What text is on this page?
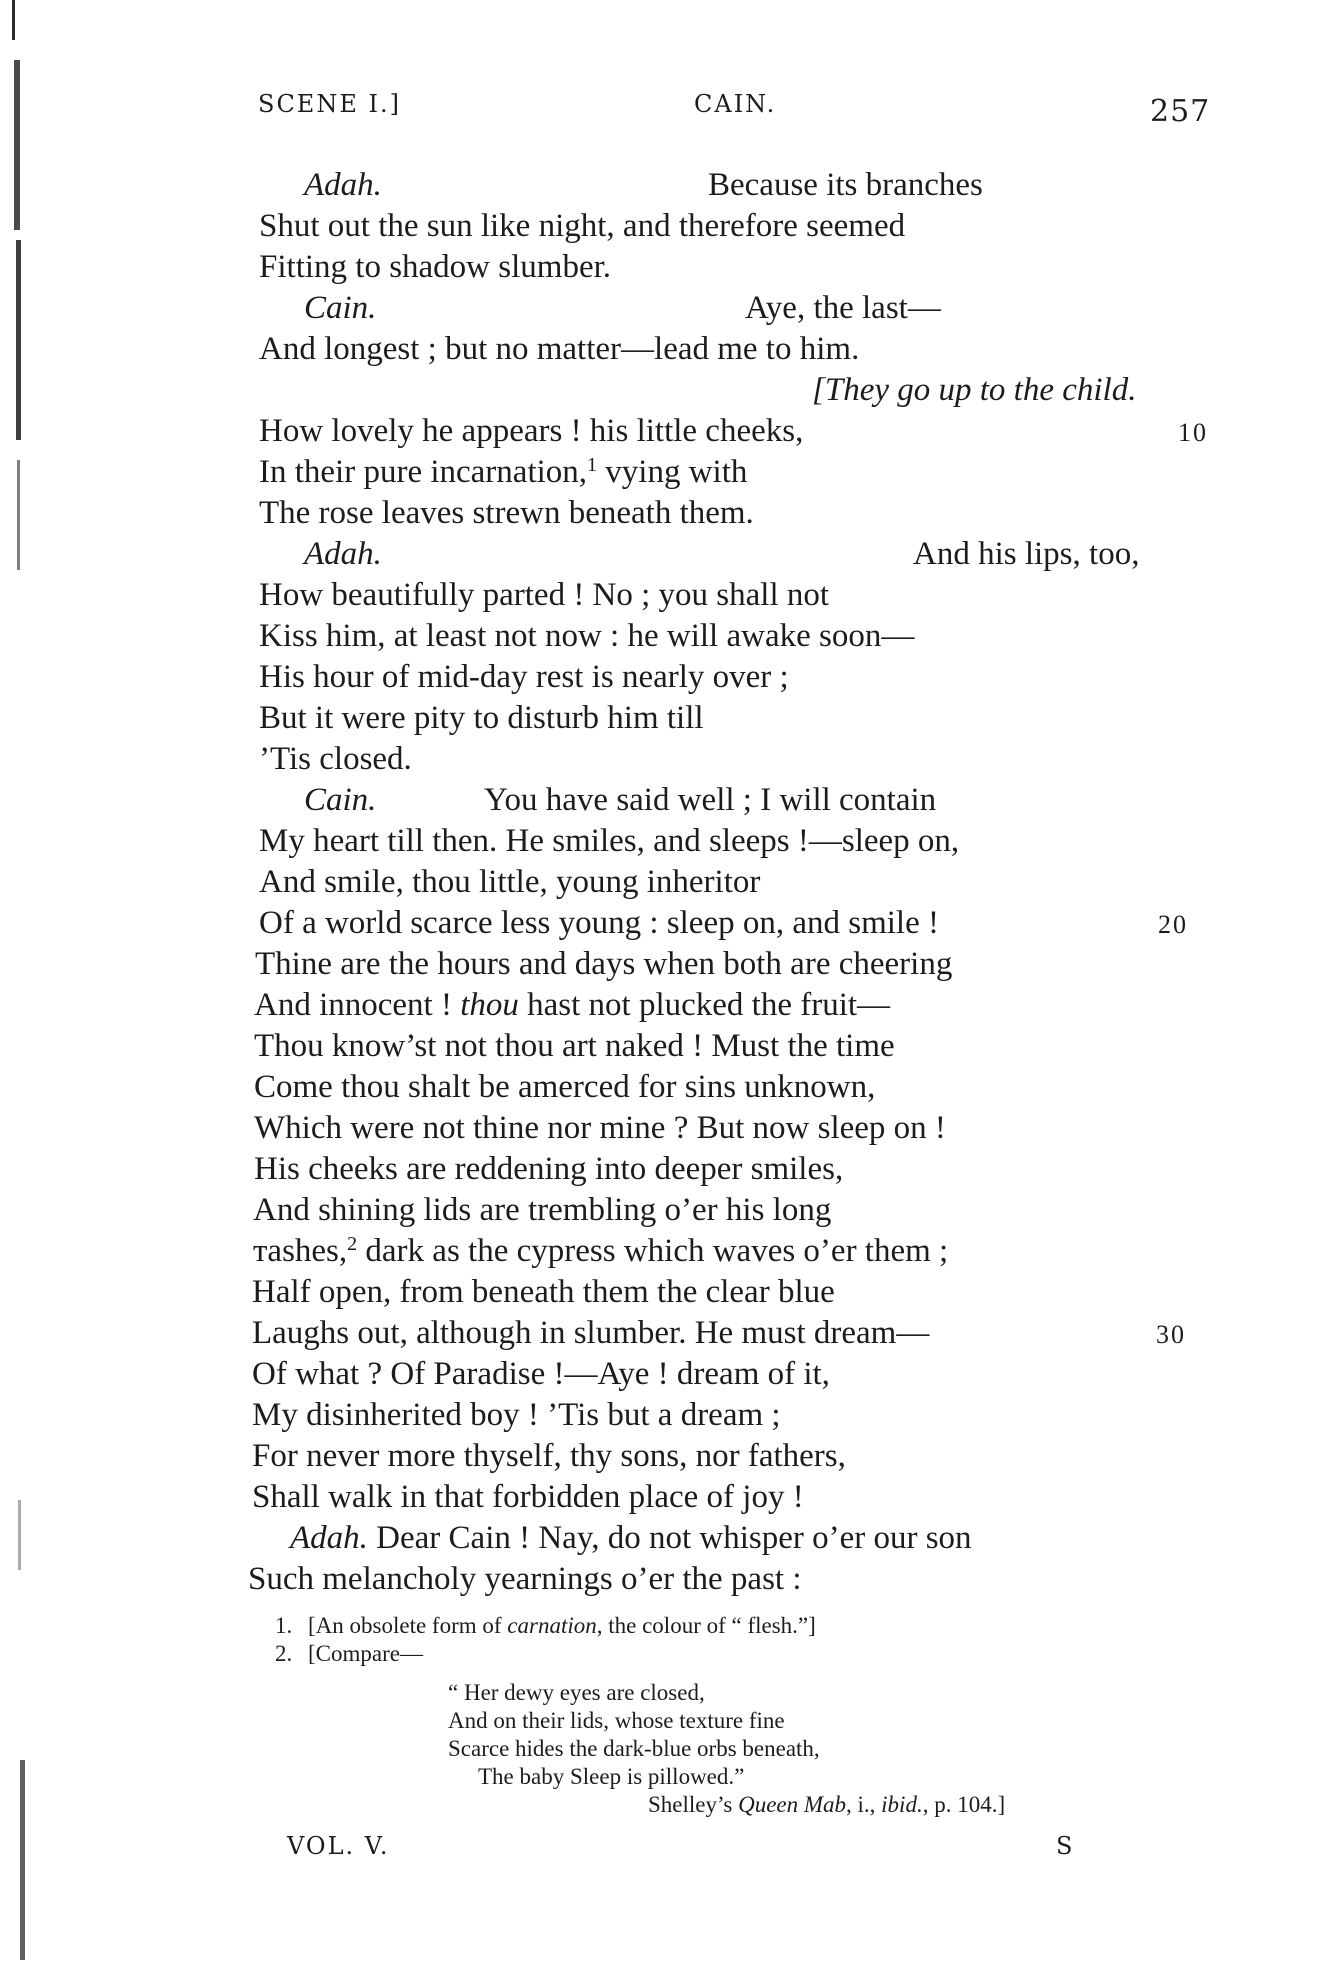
SCENE I.]	CAIN.	257
Adah.	Because its branches
Shut out the sun like night, and therefore seemed
Fitting to shadow slumber.
Cain.	Aye, the last—
And longest ; but no matter—lead me to him.
[They go up to the child.
How lovely he appears ! his little cheeks,	10
In their pure incarnation,$^1$ vying with
The rose leaves strewn beneath them.
Adah.	And his lips, too,
How beautifully parted ! No ; you shall not
Kiss him, at least not now : he will awake soon—
His hour of mid-day rest is nearly over ;
But it were pity to disturb him till
’Tis closed.
Cain.	You have said well ; I will contain
My heart till then. He smiles, and sleeps !—sleep on,
And smile, thou little, young inheritor
Of a world scarce less young : sleep on, and smile !	20
Thine are the hours and days when both are cheering
And innocent ! thou hast not plucked the fruit—
Thou know’st not thou art naked ! Must the time
Come thou shalt be amerced for sins unknown,
Which were not thine nor mine ? But now sleep on !
His cheeks are reddening into deeper smiles,
And shining lids are trembling o’er his long
ᴛashes,$^2$ dark as the cypress which waves o’er them ;
Half open, from beneath them the clear blue
Laughs out, although in slumber. He must dream—	30
Of what ? Of Paradise !—Aye ! dream of it,
My disinherited boy ! ’Tis but a dream ;
For never more thyself, thy sons, nor fathers,
Shall walk in that forbidden place of joy !
Adah. Dear Cain ! Nay, do not whisper o’er our son
Such melancholy yearnings o’er the past :
1. [An obsolete form of carnation, the colour of “ flesh.”]
2. [Compare—
“ Her dewy eyes are closed,
And on their lids, whose texture fine
Scarce hides the dark-blue orbs beneath,
The baby Sleep is pillowed.”
Shelley’s Queen Mab, i., ibid., p. 104.]
VOL. V.	S
